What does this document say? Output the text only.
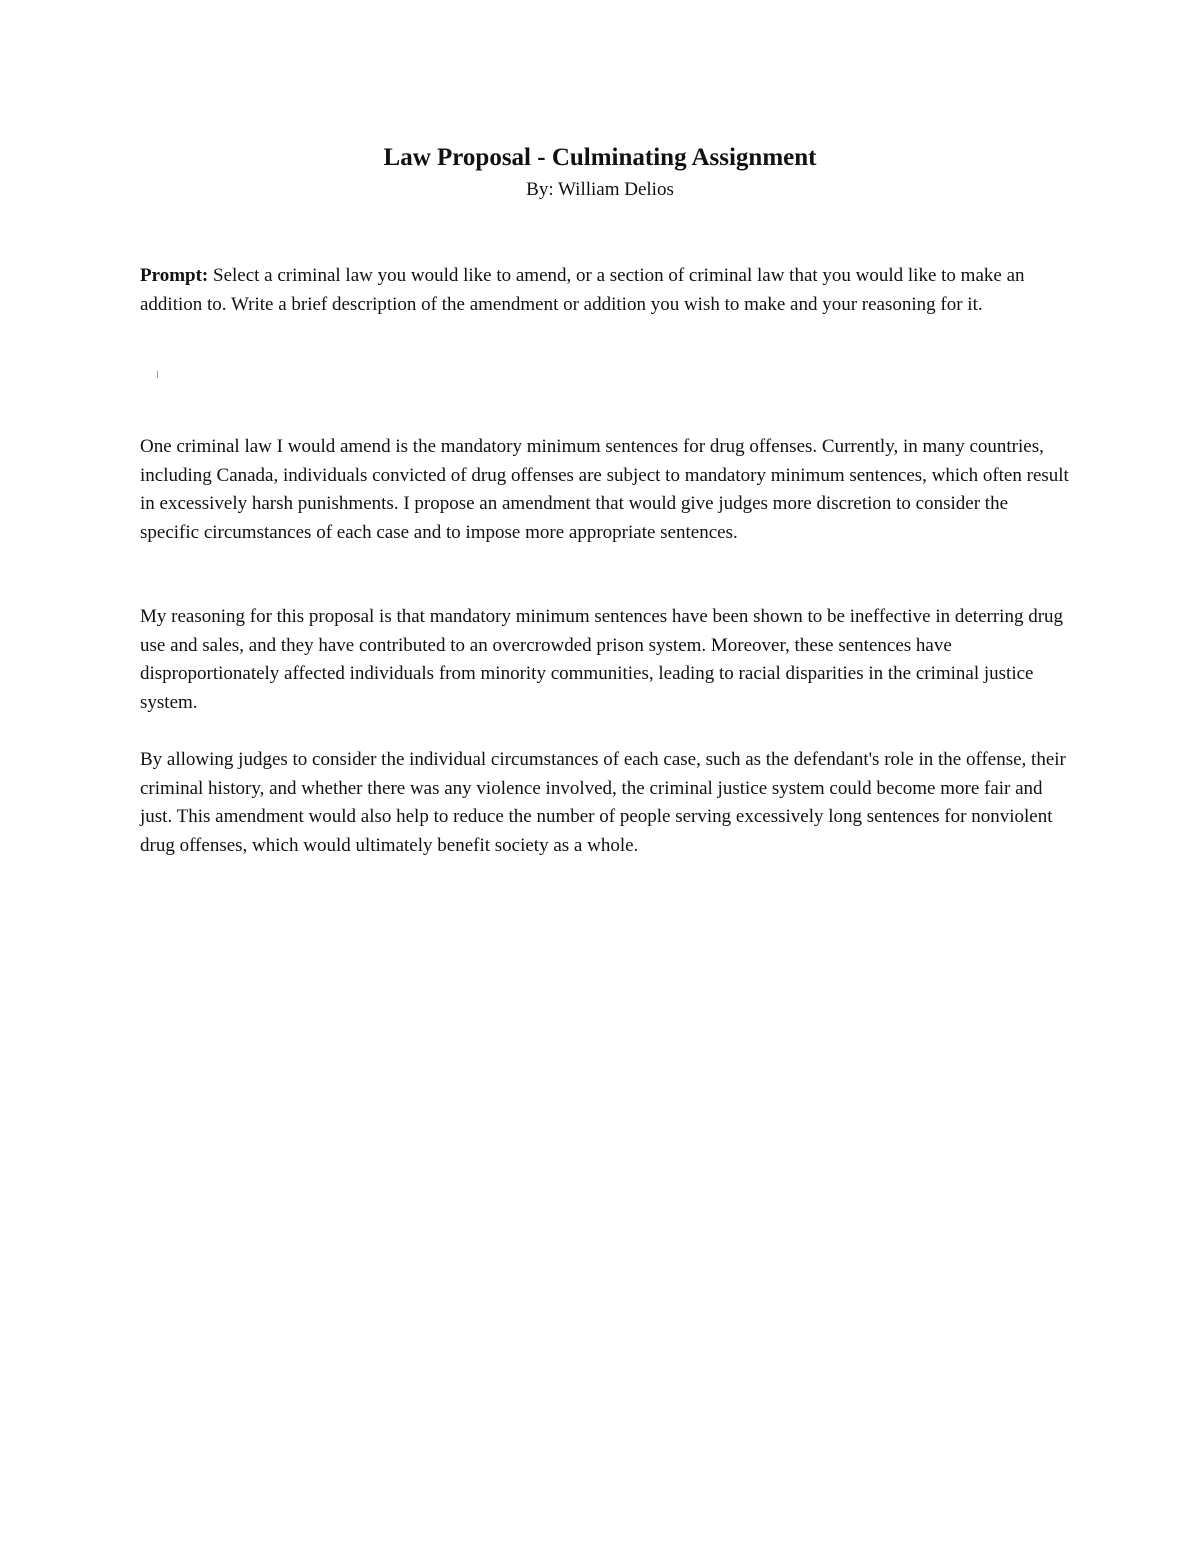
Law Proposal - Culminating Assignment
By: William Delios

Prompt: Select a criminal law you would like to amend, or a section of criminal law that you would like to make an addition to. Write a brief description of the amendment or addition you wish to make and your reasoning for it.

One criminal law I would amend is the mandatory minimum sentences for drug offenses. Currently, in many countries, including Canada, individuals convicted of drug offenses are subject to mandatory minimum sentences, which often result in excessively harsh punishments. I propose an amendment that would give judges more discretion to consider the specific circumstances of each case and to impose more appropriate sentences.

My reasoning for this proposal is that mandatory minimum sentences have been shown to be ineffective in deterring drug use and sales, and they have contributed to an overcrowded prison system. Moreover, these sentences have disproportionately affected individuals from minority communities, leading to racial disparities in the criminal justice system.

By allowing judges to consider the individual circumstances of each case, such as the defendant's role in the offense, their criminal history, and whether there was any violence involved, the criminal justice system could become more fair and just. This amendment would also help to reduce the number of people serving excessively long sentences for nonviolent drug offenses, which would ultimately benefit society as a whole.
